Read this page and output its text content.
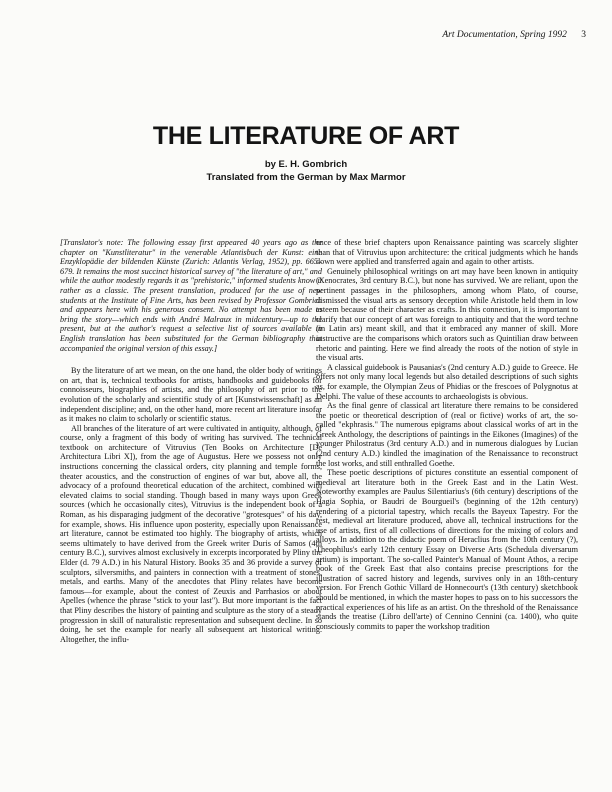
Art Documentation, Spring 1992 3
THE LITERATURE OF ART
by E. H. Gombrich
Translated from the German by Max Marmor

[Translator's note: The following essay first appeared 40 years ago as the chapter on "Kunstliteratur" in the venerable Atlantisbuch der Kunst: eine Enzyklopädie der bildenden Künste (Zurich: Atlantis Verlag, 1952), pp. 665–679. It remains the most succinct historical survey of "the literature of art," and while the author modestly regards it as "prehistoric," informed students know it rather as a classic. The present translation, produced for the use of new students at the Institute of Fine Arts, has been revised by Professor Gombrich and appears here with his generous consent. No attempt has been made to bring the story—which ends with André Malraux in midcentury—up to the present, but at the author's request a selective list of sources available in English translation has been substituted for the German bibliography that accompanied the original version of this essay.]

By the literature of art we mean, on the one hand, the older body of writings on art, that is, technical textbooks for artists, handbooks and guidebooks for connoisseurs, biographies of artists, and the philosophy of art prior to the evolution of the scholarly and scientific study of art [Kunstwissenschaft] as an independent discipline; and, on the other hand, more recent art literature insofar as it makes no claim to scholarly or scientific status.

All branches of the literature of art were cultivated in antiquity, although, of course, only a fragment of this body of writing has survived. The technical textbook on architecture of Vitruvius (Ten Books on Architecture [De Architectura Libri X]), from the age of Augustus. Here we possess not only instructions concerning the classical orders, city planning and temple forms, theater acoustics, and the construction of engines of war but, above all, the advocacy of a profound theoretical education of the architect, combined with elevated claims to social standing. Though based in many ways upon Greek sources (which he occasionally cites), Vitruvius is the independent book of a Roman, as his disparaging judgment of the decorative "grotesques" of his day, for example, shows. His influence upon posterity, especially upon Renaissance art literature, cannot be estimated too highly. The biography of artists, which seems ultimately to have derived from the Greek writer Duris of Samos (4th century B.C.), survives almost exclusively in excerpts incorporated by Pliny the Elder (d. 79 A.D.) in his Natural History. Books 35 and 36 provide a survey of sculptors, silversmiths, and painters in connection with a treatment of stones, metals, and earths. Many of the anecdotes that Pliny relates have become famous—for example, about the contest of Zeuxis and Parrhasios or about Apelles (whence the phrase "stick to your last"). But more important is the fact that Pliny describes the history of painting and sculpture as the story of a steady progression in skill of naturalistic representation and subsequent decline. In so doing, he set the example for nearly all subsequent art historical writing. Altogether, the influ-

ence of these brief chapters upon Renaissance painting was scarcely slighter than that of Vitruvius upon architecture: the critical judgments which he hands down were applied and transferred again and again to other artists.

Genuinely philosophical writings on art may have been known in antiquity (Xenocrates, 3rd century B.C.), but none has survived. We are reliant, upon the pertinent passages in the philosophers, among whom Plato, of course, dismissed the visual arts as sensory deception while Aristotle held them in low esteem because of their character as crafts. In this connection, it is important to clarify that our concept of art was foreign to antiquity and that the word techne (in Latin ars) meant skill, and that it embraced any manner of skill. More instructive are the comparisons which orators such as Quintilian draw between rhetoric and painting. Here we find already the roots of the notion of style in the visual arts.

A classical guidebook is Pausanias's (2nd century A.D.) guide to Greece. He offers not only many local legends but also detailed descriptions of such sights as, for example, the Olympian Zeus of Phidias or the frescoes of Polygnotus at Delphi. The value of these accounts to archaeologists is obvious.

As the final genre of classical art literature there remains to be considered the poetic or theoretical description of (real or fictive) works of art, the so-called "ekphrasis." The numerous epigrams about classical works of art in the Greek Anthology, the descriptions of paintings in the Eikones (Imagines) of the younger Philostratus (3rd century A.D.) and in numerous dialogues by Lucian (2nd century A.D.) kindled the imagination of the Renaissance to reconstruct the lost works, and still enthralled Goethe.

These poetic descriptions of pictures constitute an essential component of medieval art literature both in the Greek East and in the Latin West. Noteworthy examples are Paulus Silentiarius's (6th century) descriptions of the Hagia Sophia, or Baudri de Bourgueil's (beginning of the 12th century) rendering of a pictorial tapestry, which recalls the Bayeux Tapestry. For the rest, medieval art literature produced, above all, technical instructions for the use of artists, first of all collections of directions for the mixing of colors and alloys. In addition to the didactic poem of Heraclius from the 10th century (?), Theophilus's early 12th century Essay on Diverse Arts (Schedula diversarum artium) is important. The so-called Painter's Manual of Mount Athos, a recipe book of the Greek East that also contains precise prescriptions for the illustration of sacred history and legends, survives only in an 18th-century version. For French Gothic Villard de Honnecourt's (13th century) sketchbook should be mentioned, in which the master hopes to pass on to his successors the practical experiences of his life as an artist. On the threshold of the Renaissance stands the treatise (Libro dell'arte) of Cennino Cennini (ca. 1400), who quite consciously commits to paper the workshop tradition
